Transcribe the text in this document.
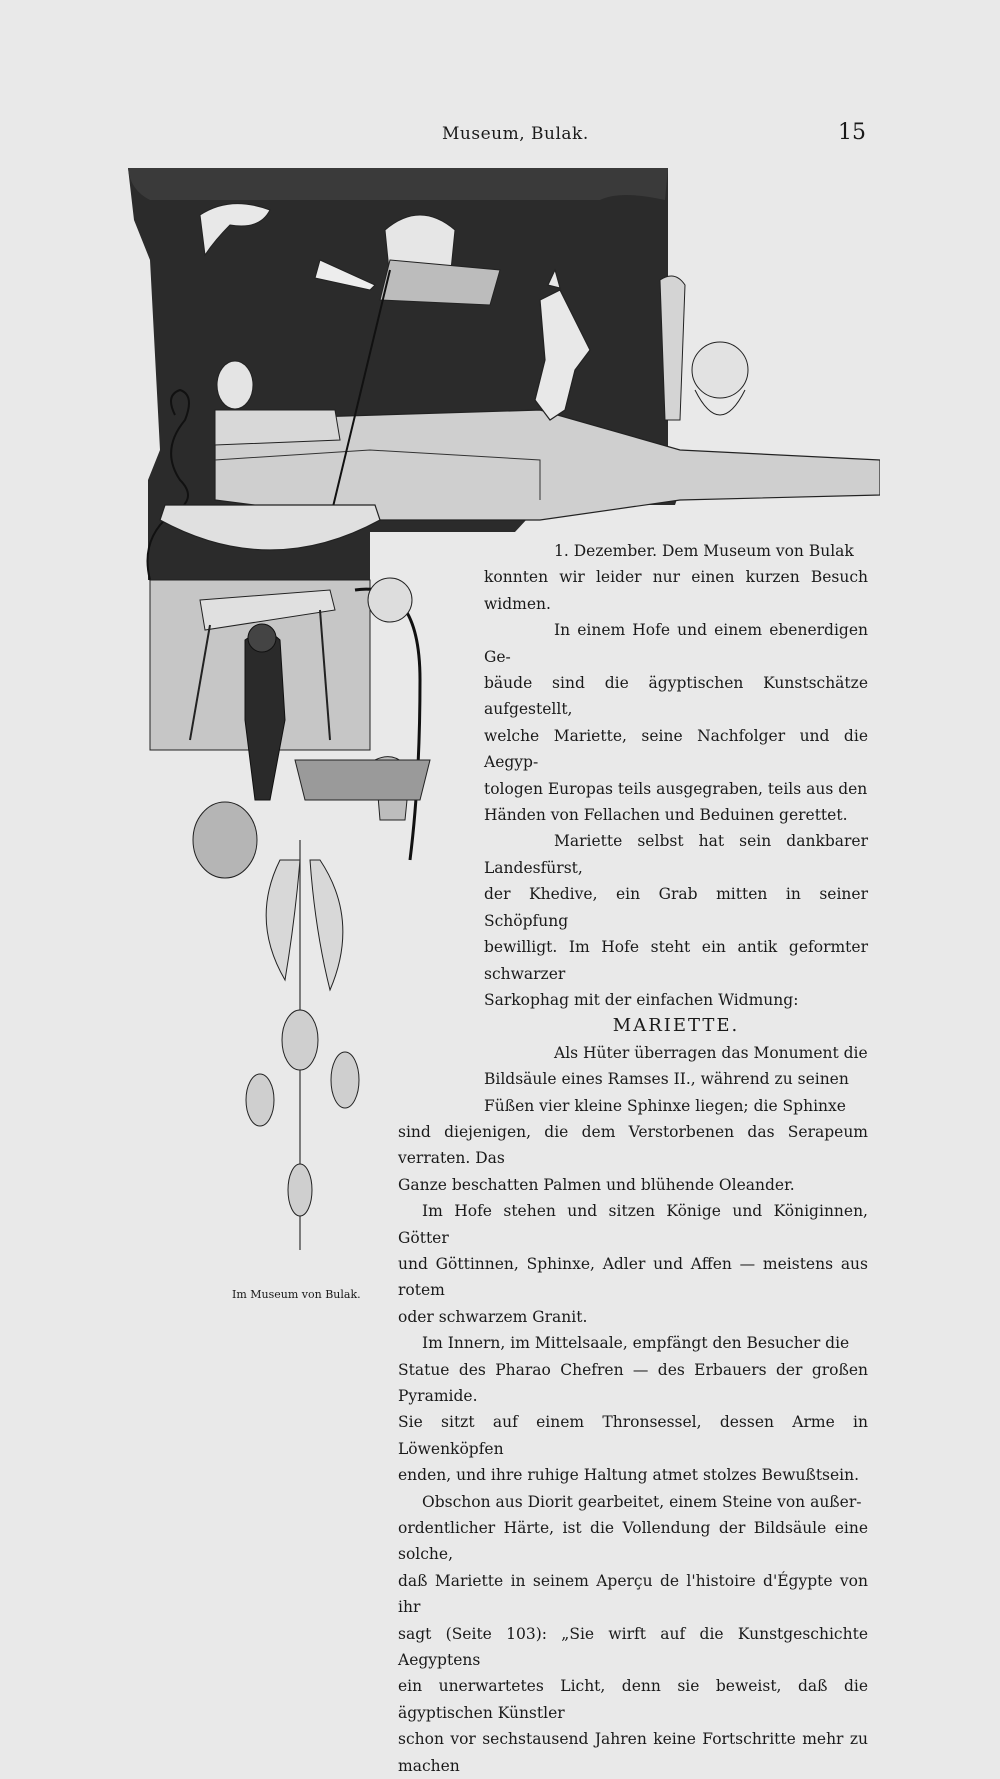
Museum, Bulak.	15
Im Museum von Bulak.

1. Dezember. Dem Museum von Bulak

konnten wir leider nur einen kurzen Besuch widmen.

In einem Hofe und einem ebenerdigen Ge-

bäude sind die ägyptischen Kunstschätze aufgestellt,

welche Mariette, seine Nachfolger und die Aegyp-

tologen Europas teils ausgegraben, teils aus den

Händen von Fellachen und Beduinen gerettet.

Mariette selbst hat sein dankbarer Landesfürst,

der Khedive, ein Grab mitten in seiner Schöpfung

bewilligt. Im Hofe steht ein antik geformter schwarzer

Sarkophag mit der einfachen Widmung:

MARIETTE.

Als Hüter überragen das Monument die

Bildsäule eines Ramses II., während zu seinen

Füßen vier kleine Sphinxe liegen; die Sphinxe

sind diejenigen, die dem Verstorbenen das Serapeum verraten. Das

Ganze beschatten Palmen und blühende Oleander.

Im Hofe stehen und sitzen Könige und Königinnen, Götter

und Göttinnen, Sphinxe, Adler und Affen — meistens aus rotem

oder schwarzem Granit.

Im Innern, im Mittelsaale, empfängt den Besucher die

Statue des Pharao Chefren — des Erbauers der großen Pyramide.

Sie sitzt auf einem Thronsessel, dessen Arme in Löwenköpfen

enden, und ihre ruhige Haltung atmet stolzes Bewußtsein.

Obschon aus Diorit gearbeitet, einem Steine von außer-

ordentlicher Härte, ist die Vollendung der Bildsäule eine solche,

daß Mariette in seinem Aperçu de l'histoire d'Égypte von ihr

sagt (Seite 103): „Sie wirft auf die Kunstgeschichte Aegyptens

ein unerwartetes Licht, denn sie beweist, daß die ägyptischen Künstler

schon vor sechstausend Jahren keine Fortschritte mehr zu machen
